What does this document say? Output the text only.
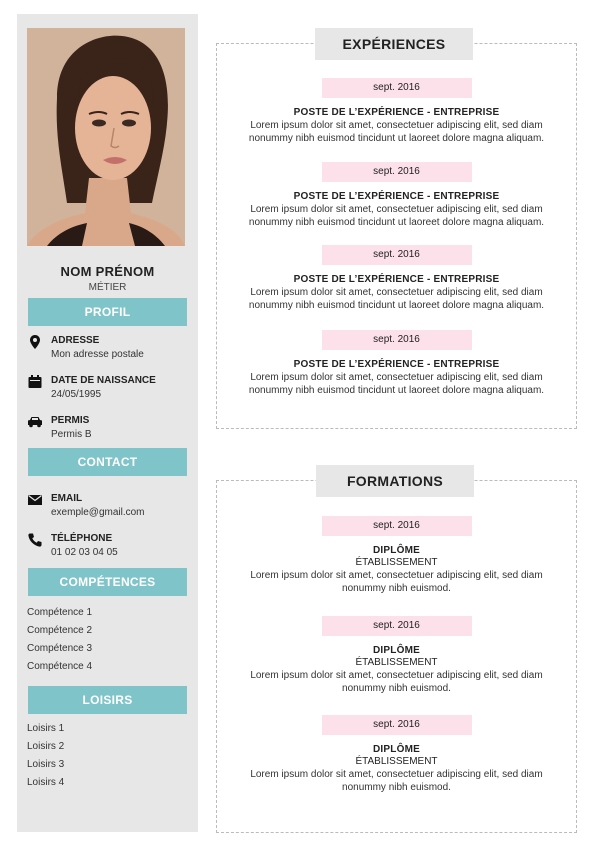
NOM PRÉNOM
MÉTIER
PROFIL
ADRESSE
Mon adresse postale
DATE DE NAISSANCE
24/05/1995
PERMIS
Permis B
CONTACT
EMAIL
exemple@gmail.com
TÉLÉPHONE
01 02 03 04 05
COMPÉTENCES
Compétence 1
Compétence 2
Compétence 3
Compétence 4
LOISIRS
Loisirs 1
Loisirs 2
Loisirs 3
Loisirs 4
EXPÉRIENCES
sept. 2016
POSTE DE L’EXPÉRIENCE - ENTREPRISE
Lorem ipsum dolor sit amet, consectetuer adipiscing elit, sed diam nonummy nibh euismod tincidunt ut laoreet dolore magna aliquam.
sept. 2016
POSTE DE L’EXPÉRIENCE - ENTREPRISE
Lorem ipsum dolor sit amet, consectetuer adipiscing elit, sed diam nonummy nibh euismod tincidunt ut laoreet dolore magna aliquam.
sept. 2016
POSTE DE L’EXPÉRIENCE - ENTREPRISE
Lorem ipsum dolor sit amet, consectetuer adipiscing elit, sed diam nonummy nibh euismod tincidunt ut laoreet dolore magna aliquam.
sept. 2016
POSTE DE L’EXPÉRIENCE - ENTREPRISE
Lorem ipsum dolor sit amet, consectetuer adipiscing elit, sed diam nonummy nibh euismod tincidunt ut laoreet dolore magna aliquam.
FORMATIONS
sept. 2016
DIPLÔME
ÉTABLISSEMENT
Lorem ipsum dolor sit amet, consectetuer adipiscing elit, sed diam nonummy nibh euismod.
sept. 2016
DIPLÔME
ÉTABLISSEMENT
Lorem ipsum dolor sit amet, consectetuer adipiscing elit, sed diam nonummy nibh euismod.
sept. 2016
DIPLÔME
ÉTABLISSEMENT
Lorem ipsum dolor sit amet, consectetuer adipiscing elit, sed diam nonummy nibh euismod.
